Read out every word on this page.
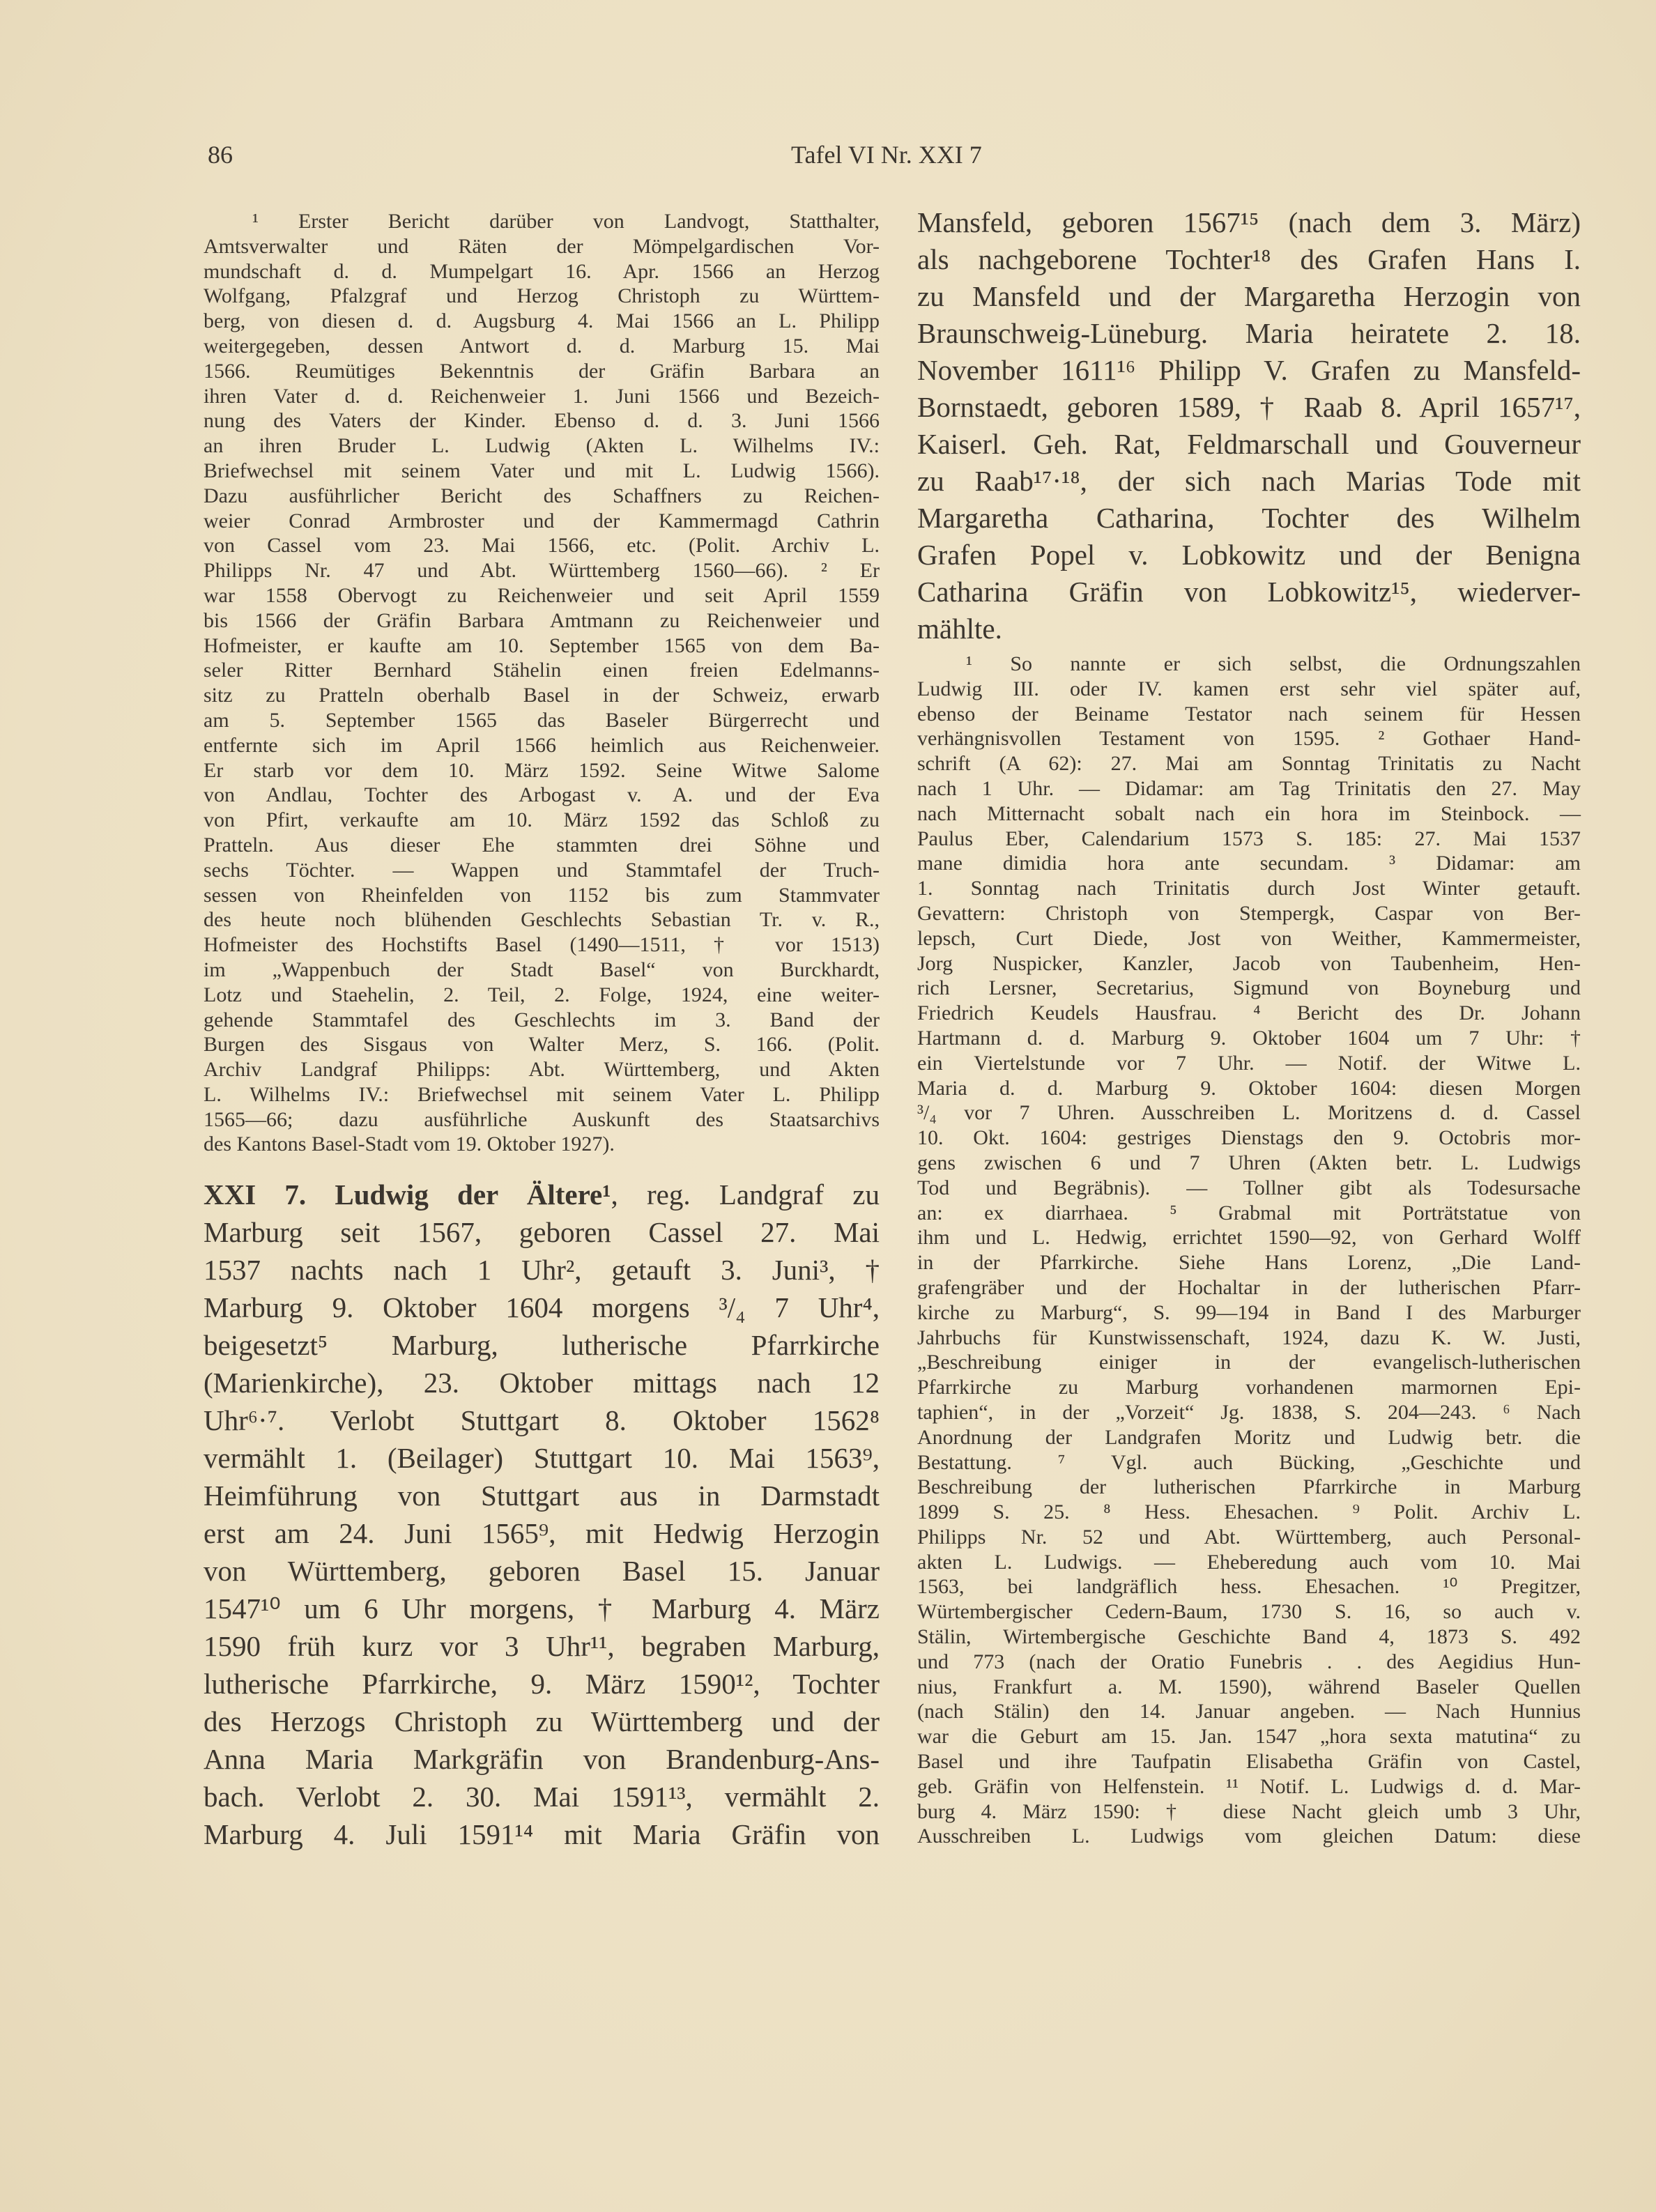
86	Tafel VI Nr. XXI 7
¹ Erster Bericht darüber von Landvogt, Statthalter,
Amtsverwalter und Räten der Mömpelgardischen Vor-
mundschaft d. d. Mumpelgart 16. Apr. 1566 an Herzog
Wolfgang, Pfalzgraf und Herzog Christoph zu Württem-
berg, von diesen d. d. Augsburg 4. Mai 1566 an L. Philipp
weitergegeben, dessen Antwort d. d. Marburg 15. Mai
1566. Reumütiges Bekenntnis der Gräfin Barbara an
ihren Vater d. d. Reichenweier 1. Juni 1566 und Bezeich-
nung des Vaters der Kinder. Ebenso d. d. 3. Juni 1566
an ihren Bruder L. Ludwig (Akten L. Wilhelms IV.:
Briefwechsel mit seinem Vater und mit L. Ludwig 1566).
Dazu ausführlicher Bericht des Schaffners zu Reichen-
weier Conrad Armbroster und der Kammermagd Cathrin
von Cassel vom 23. Mai 1566, etc. (Polit. Archiv L.
Philipps Nr. 47 und Abt. Württemberg 1560—66). ² Er
war 1558 Obervogt zu Reichenweier und seit April 1559
bis 1566 der Gräfin Barbara Amtmann zu Reichenweier und
Hofmeister, er kaufte am 10. September 1565 von dem Ba-
seler Ritter Bernhard Stähelin einen freien Edelmanns-
sitz zu Pratteln oberhalb Basel in der Schweiz, erwarb
am 5. September 1565 das Baseler Bürgerrecht und
entfernte sich im April 1566 heimlich aus Reichenweier.
Er starb vor dem 10. März 1592. Seine Witwe Salome
von Andlau, Tochter des Arbogast v. A. und der Eva
von Pfirt, verkaufte am 10. März 1592 das Schloß zu
Pratteln. Aus dieser Ehe stammten drei Söhne und
sechs Töchter. — Wappen und Stammtafel der Truch-
sessen von Rheinfelden von 1152 bis zum Stammvater
des heute noch blühenden Geschlechts Sebastian Tr. v. R.,
Hofmeister des Hochstifts Basel (1490—1511, † vor 1513)
im „Wappenbuch der Stadt Basel“ von Burckhardt,
Lotz und Staehelin, 2. Teil, 2. Folge, 1924, eine weiter-
gehende Stammtafel des Geschlechts im 3. Band der
Burgen des Sisgaus von Walter Merz, S. 166. (Polit.
Archiv Landgraf Philipps: Abt. Württemberg, und Akten
L. Wilhelms IV.: Briefwechsel mit seinem Vater L. Philipp
1565—66; dazu ausführliche Auskunft des Staatsarchivs
des Kantons Basel-Stadt vom 19. Oktober 1927).
XXI 7. Ludwig der Ältere¹, reg. Landgraf zu
Marburg seit 1567, geboren Cassel 27. Mai
1537 nachts nach 1 Uhr², getauft 3. Juni³, †
Marburg 9. Oktober 1604 morgens ³/₄ 7 Uhr⁴,
beigesetzt⁵ Marburg, lutherische Pfarrkirche
(Marienkirche), 23. Oktober mittags nach 12
Uhr⁶·⁷. Verlobt Stuttgart 8. Oktober 1562⁸
vermählt 1. (Beilager) Stuttgart 10. Mai 1563⁹,
Heimführung von Stuttgart aus in Darmstadt
erst am 24. Juni 1565⁹, mit Hedwig Herzogin
von Württemberg, geboren Basel 15. Januar
1547¹⁰ um 6 Uhr morgens, † Marburg 4. März
1590 früh kurz vor 3 Uhr¹¹, begraben Marburg,
lutherische Pfarrkirche, 9. März 1590¹², Tochter
des Herzogs Christoph zu Württemberg und der
Anna Maria Markgräfin von Brandenburg-Ans-
bach. Verlobt 2. 30. Mai 1591¹³, vermählt 2.
Marburg 4. Juli 1591¹⁴ mit Maria Gräfin von
Mansfeld, geboren 1567¹⁵ (nach dem 3. März)
als nachgeborene Tochter¹⁸ des Grafen Hans I.
zu Mansfeld und der Margaretha Herzogin von
Braunschweig-Lüneburg. Maria heiratete 2. 18.
November 1611¹⁶ Philipp V. Grafen zu Mansfeld-
Bornstaedt, geboren 1589, † Raab 8. April 1657¹⁷,
Kaiserl. Geh. Rat, Feldmarschall und Gouverneur
zu Raab¹⁷·¹⁸, der sich nach Marias Tode mit
Margaretha Catharina, Tochter des Wilhelm
Grafen Popel v. Lobkowitz und der Benigna
Catharina Gräfin von Lobkowitz¹⁵, wiederver-
mählte.
¹ So nannte er sich selbst, die Ordnungszahlen
Ludwig III. oder IV. kamen erst sehr viel später auf,
ebenso der Beiname Testator nach seinem für Hessen
verhängnisvollen Testament von 1595. ² Gothaer Hand-
schrift (A 62): 27. Mai am Sonntag Trinitatis zu Nacht
nach 1 Uhr. — Didamar: am Tag Trinitatis den 27. May
nach Mitternacht sobalt nach ein hora im Steinbock. —
Paulus Eber, Calendarium 1573 S. 185: 27. Mai 1537
mane dimidia hora ante secundam. ³ Didamar: am
1. Sonntag nach Trinitatis durch Jost Winter getauft.
Gevattern: Christoph von Stempergk, Caspar von Ber-
lepsch, Curt Diede, Jost von Weither, Kammermeister,
Jorg Nuspicker, Kanzler, Jacob von Taubenheim, Hen-
rich Lersner, Secretarius, Sigmund von Boyneburg und
Friedrich Keudels Hausfrau. ⁴ Bericht des Dr. Johann
Hartmann d. d. Marburg 9. Oktober 1604 um 7 Uhr: †
ein Viertelstunde vor 7 Uhr. — Notif. der Witwe L.
Maria d. d. Marburg 9. Oktober 1604: diesen Morgen
³/₄ vor 7 Uhren. Ausschreiben L. Moritzens d. d. Cassel
10. Okt. 1604: gestriges Dienstags den 9. Octobris mor-
gens zwischen 6 und 7 Uhren (Akten betr. L. Ludwigs
Tod und Begräbnis). — Tollner gibt als Todesursache
an: ex diarrhaea. ⁵ Grabmal mit Porträtstatue von
ihm und L. Hedwig, errichtet 1590—92, von Gerhard Wolff
in der Pfarrkirche. Siehe Hans Lorenz, „Die Land-
grafengräber und der Hochaltar in der lutherischen Pfarr-
kirche zu Marburg“, S. 99—194 in Band I des Marburger
Jahrbuchs für Kunstwissenschaft, 1924, dazu K. W. Justi,
„Beschreibung einiger in der evangelisch-lutherischen
Pfarrkirche zu Marburg vorhandenen marmornen Epi-
taphien“, in der „Vorzeit“ Jg. 1838, S. 204—243. ⁶ Nach
Anordnung der Landgrafen Moritz und Ludwig betr. die
Bestattung. ⁷ Vgl. auch Bücking, „Geschichte und
Beschreibung der lutherischen Pfarrkirche in Marburg
1899 S. 25. ⁸ Hess. Ehesachen. ⁹ Polit. Archiv L.
Philipps Nr. 52 und Abt. Württemberg, auch Personal-
akten L. Ludwigs. — Eheberedung auch vom 10. Mai
1563, bei landgräflich hess. Ehesachen. ¹⁰ Pregitzer,
Würtembergischer Cedern-Baum, 1730 S. 16, so auch v.
Stälin, Wirtembergische Geschichte Band 4, 1873 S. 492
und 773 (nach der Oratio Funebris . . des Aegidius Hun-
nius, Frankfurt a. M. 1590), während Baseler Quellen
(nach Stälin) den 14. Januar angeben. — Nach Hunnius
war die Geburt am 15. Jan. 1547 „hora sexta matutina“ zu
Basel und ihre Taufpatin Elisabetha Gräfin von Castel,
geb. Gräfin von Helfenstein. ¹¹ Notif. L. Ludwigs d. d. Mar-
burg 4. März 1590: † diese Nacht gleich umb 3 Uhr,
Ausschreiben L. Ludwigs vom gleichen Datum: diese
